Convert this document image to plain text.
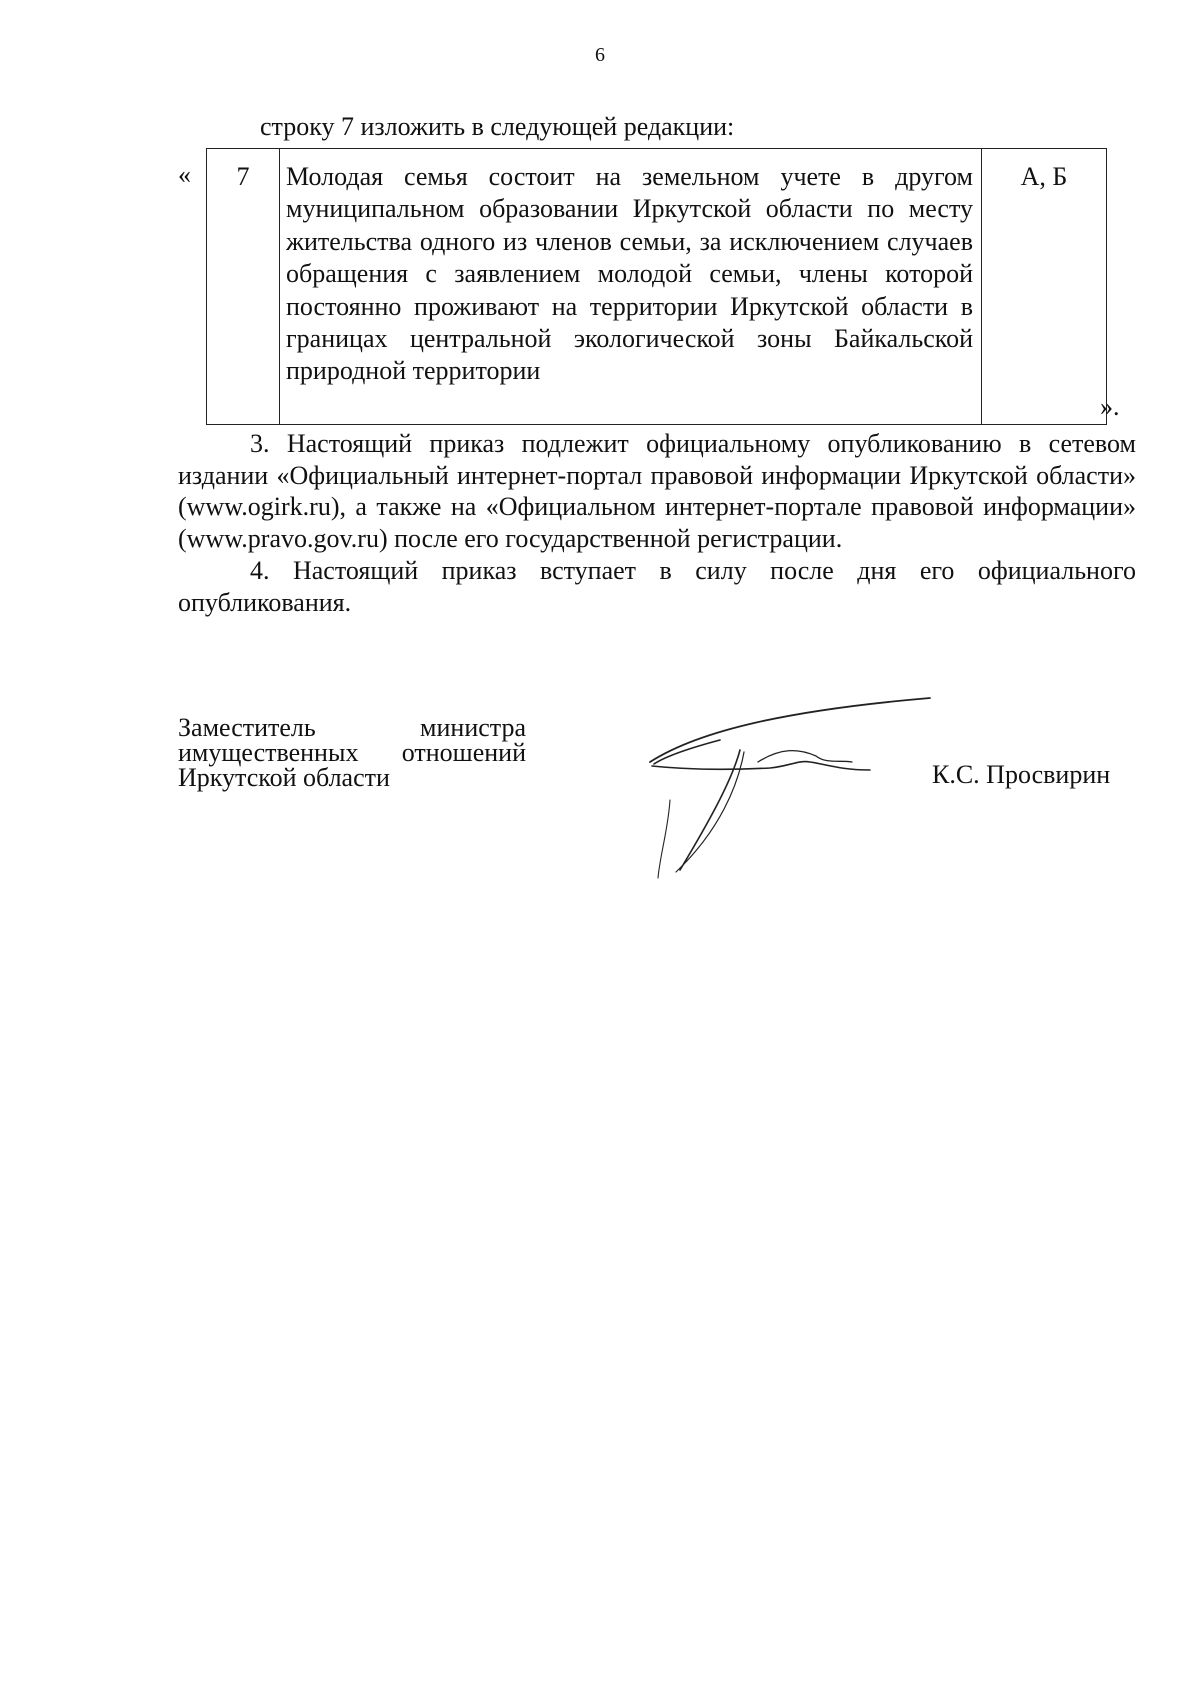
6
строку 7 изложить в следующей редакции:
« 7	Молодая семья состоит на земельном учете в другом муниципальном образовании Иркутской области по месту жительства одного из членов семьи, за исключением случаев обращения с заявлением молодой семьи, члены которой постоянно проживают на территории Иркутской области в границах центральной экологической зоны Байкальской природной территории	А, Б
».

3. Настоящий приказ подлежит официальному опубликованию в сетевом издании «Официальный интернет-портал правовой информации Иркутской области» (www.ogirk.ru), а также на «Официальном интернет-портале правовой информации» (www.pravo.gov.ru) после его государственной регистрации.

4. Настоящий приказ вступает в силу после дня его официального опубликования.

Заместитель министра
имущественных отношений
Иркутской области	К.С. Просвирин
